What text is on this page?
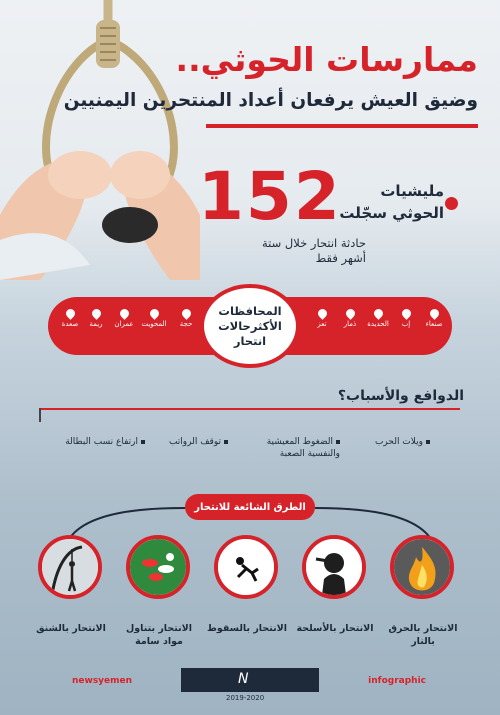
ممارسات الحوثي..
وضيق العيش يرفعان أعداد المنتحرين اليمنيين
152
حادثة انتحار خلال ستة
أشهر فقط
مليشيات
الحوثي سجّلت
صنعاء
إب
الحديدة
ذمار
تعز
حجة
المحويت
عمران
ريمة
صعدة
المحافظات
الأكثرحالات
انتحار
الدوافع والأسباب؟
ويلات الحرب
الضغوط المعيشية
والنفسية الصعبة
توقف الرواتب
ارتفاع نسب البطالة
الطرق الشائعة للانتحار
الانتحار بالحرق
بالنار
الانتحار بالأسلحة
الانتحار بالسقوط
الانتحار بتناول
مواد سامة
الانتحار بالشنق
newsyemen	infographic
N
2019-2020
